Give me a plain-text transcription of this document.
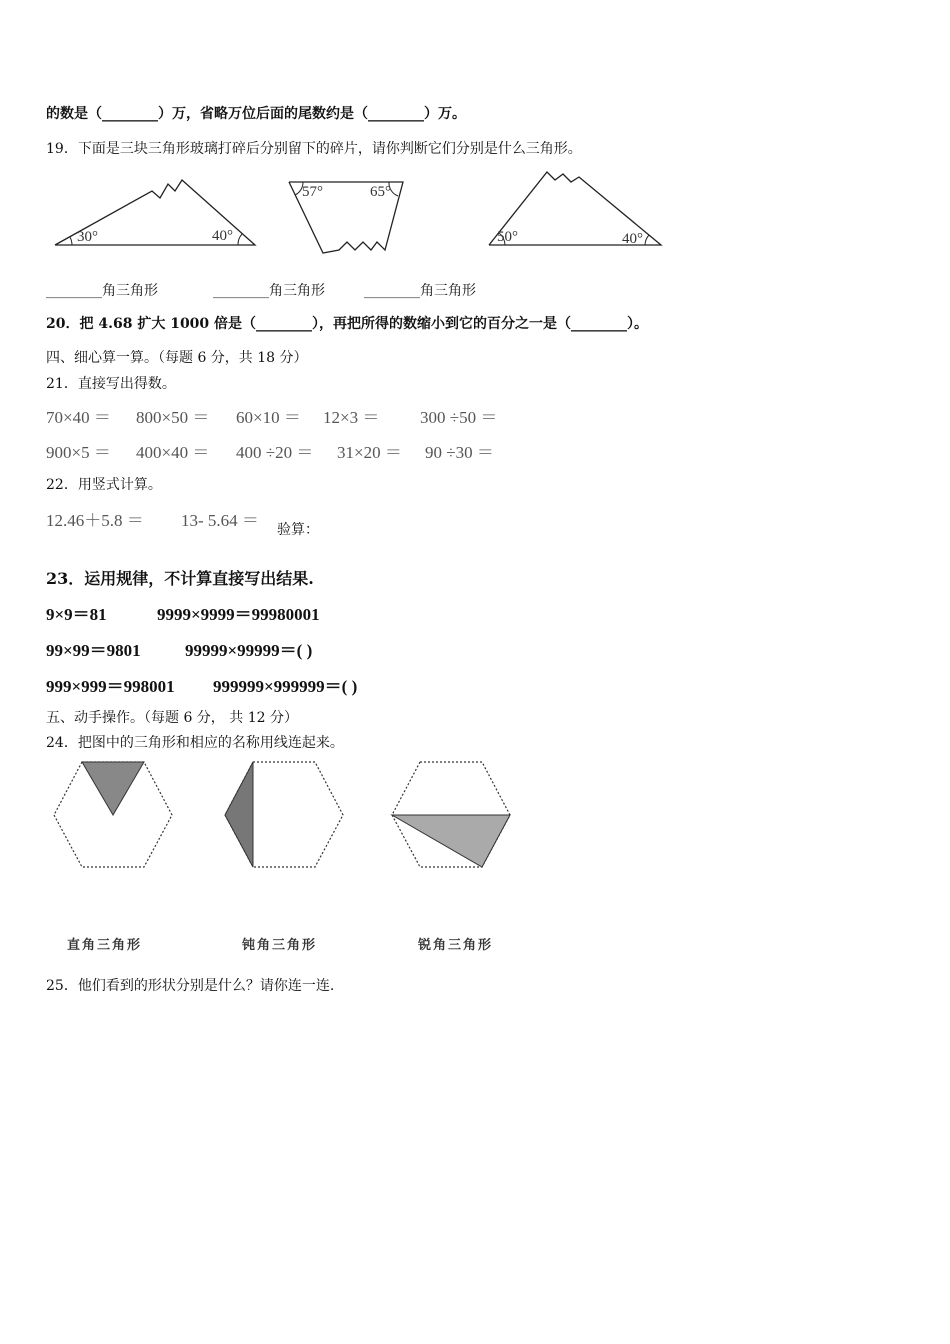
的数是（________）万，省略万位后面的尾数约是（________）万。
19．下面是三块三角形玻璃打碎后分别留下的碎片，请你判断它们分别是什么三角形。
30°	40°
57°	65°
50°	40°
________角三角形	________角三角形	________角三角形
20．把 4.68 扩大 1000 倍是（________），再把所得的数缩小到它的百分之一是（________）。
四、细心算一算。（每题 6 分，共 18 分）
21．直接写出得数。
70×40 ＝ 800×50 ＝ 60×10 ＝ 12×3 ＝ 300 ÷50 ＝
900×5 ＝ 400×40 ＝ 400 ÷20 ＝ 31×20 ＝ 90 ÷30 ＝
22．用竖式计算。
12.46＋5.8 ＝ 13- 5.64 ＝ 验算：
23．运用规律，不计算直接写出结果.
9×9＝81	9999×9999＝99980001
99×99＝9801	99999×99999＝( )
999×999＝998001 999999×999999＝( )
五、动手操作。（每题 6 分， 共 12 分）
24．把图中的三角形和相应的名称用线连起来。
直角三角形	钝角三角形	锐角三角形
25．他们看到的形状分别是什么？请你连一连.
